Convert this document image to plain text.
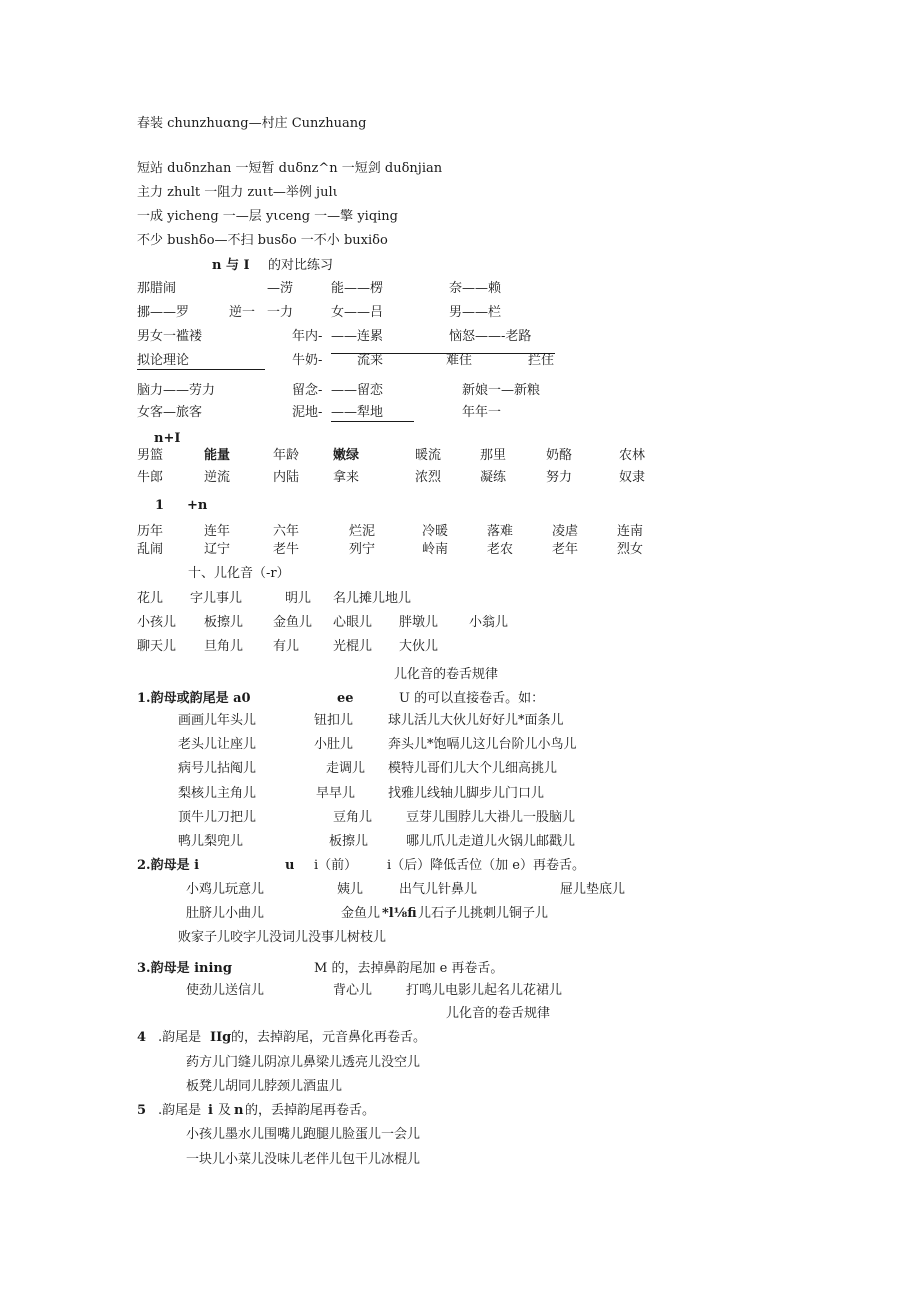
春装 chunzhuαng—村庄 Cunzhuang
短站 duδnzhan 一短暂 duδnz^n 一短剑 duδnjian
主力 zhult 一阻力 zuιt—举例 julι
一成 yicheng 一—层 yιceng 一—擎 yiqing
不少 bushδo—不扫 busδo 一不小 buxiδo
n 与 I 的对比练习
那腊闹	—涝	能——楞	奈——赖
挪——罗	逆一 一力	女——吕	男——栏
男女一褴褛	年内- ——连累	恼怒——-老路
拟论理论	牛奶-	流来	难住	拦住
脑力——劳力	留念- ——留恋	新娘一—新粮
女客—旅客	泥地- ——犁地	年年一
n+I
男篮	能量	年龄	嫩绿	暖流	那里	奶酪	农林
牛郎	逆流	内陆	拿来	浓烈	凝练	努力	奴隶
1 +n
历年	连年	六年	烂泥	冷暖	落难	凌虐	连南
乱闹	辽宁	老牛	列宁	岭南	老农	老年	烈女
十、儿化音（-r）
花儿 字儿事儿	明儿 名儿摊儿地儿
小孩儿 板擦儿 金鱼儿 心眼儿 胖墩儿 小翁儿
聊天儿 旦角儿 有儿	光棍儿 大伙儿
儿化音的卷舌规律
1.韵母或韵尾是 a0	ee	U 的可以直接卷舌。如：
画画儿年头儿	钮扣儿	球儿活儿大伙儿好好儿*面条儿
老头儿让座儿	小肚儿	奔头儿*饱嗝儿这儿台阶儿小鸟儿
病号儿拈阄儿	走调儿 模特儿哥们儿大个儿细高挑儿
梨核儿主角儿	早早儿	找雅儿线轴儿脚步儿门口儿
顶牛儿刀把儿	豆角儿	豆芽儿围脖儿大褂儿一股脑儿
鸭儿梨兜儿	板擦儿	哪儿爪儿走道儿火锅儿邮戳儿
2.韵母是 i	u i（前） i（后）降低舌位（加 e）再卷舌。
小鸡儿玩意儿	姨儿	出气儿针鼻儿	屉儿垫底儿
肚脐儿小曲儿	金鱼儿 *l⅛fi 儿石子儿挑刺儿铜子儿
败家子儿咬字儿没词儿没事儿树枝儿
3.韵母是 ining	M 的，去掉鼻韵尾加 e 再卷舌。
使劲儿送信儿	背心儿	打鸣儿电影儿起名儿花裙儿
儿化音的卷舌规律
4 .韵尾是 IIg 的，去掉韵尾，元音鼻化再卷舌。
药方儿门缝儿阴凉儿鼻梁儿透亮儿没空儿
板凳儿胡同儿脖颈儿酒盅儿
5 .韵尾是 i 及 n 的，丢掉韵尾再卷舌。
小孩儿墨水儿围嘴儿跑腿儿脸蛋儿一会儿
一块儿小菜儿没味儿老伴儿包干儿冰棍儿
